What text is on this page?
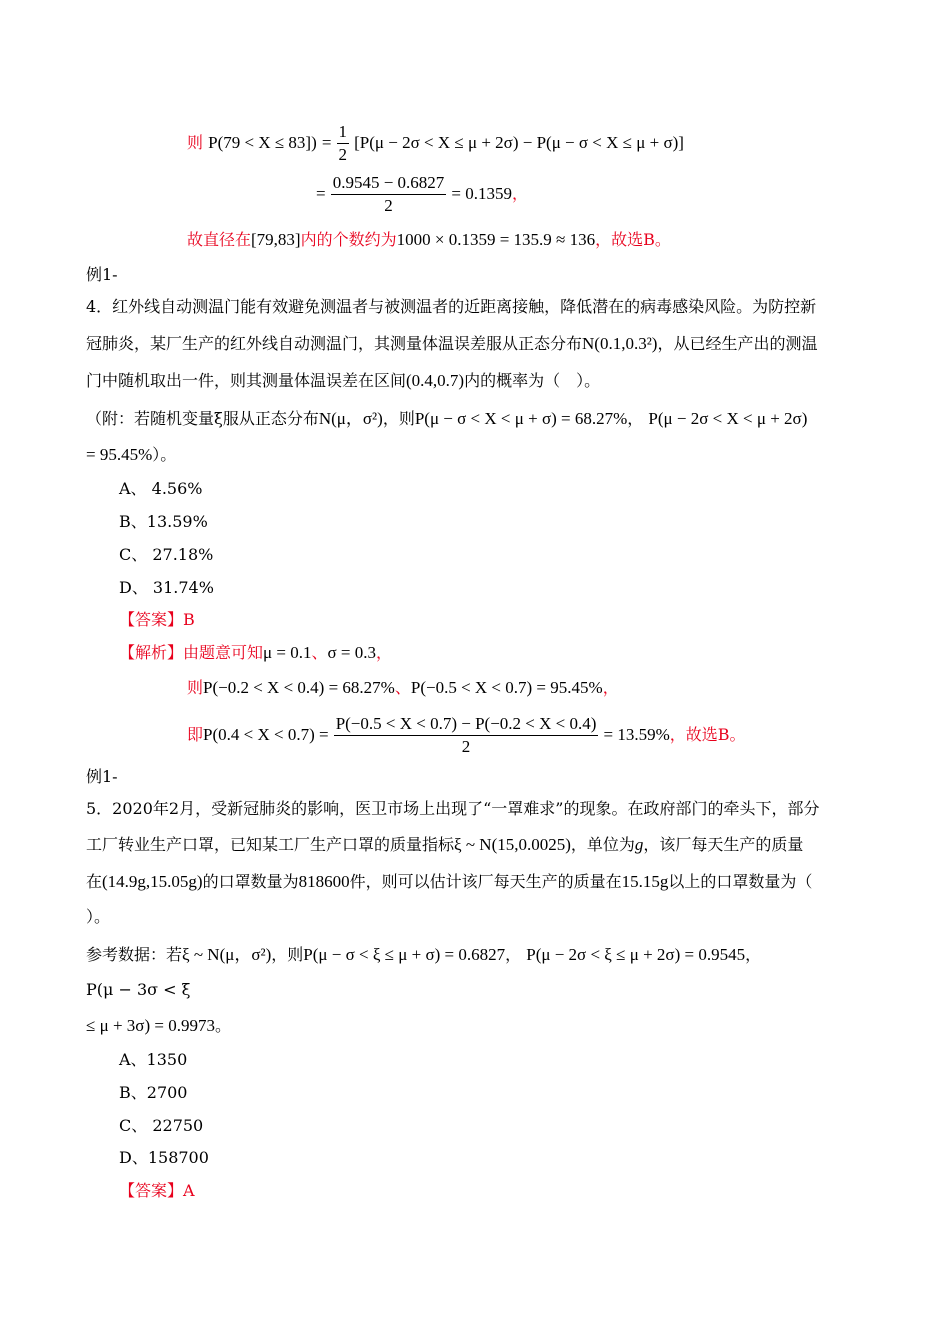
则 $P(79 < X \le 83]) = \frac{1}{2} [P(\mu - 2\sigma < X \le \mu + 2\sigma) - P(\mu - \sigma < X \le \mu + \sigma)]$
= $\frac{0.9545 - 0.6827}{2} = 0.1359$，
故直径在[79,83]内的个数约为1000 × 0.1359 = 135.9 ≈ 136，故选B。
例1-
4．红外线自动测温门能有效避免测温者与被测温者的近距离接触，降低潜在的病毒感染风险。为防控新
冠肺炎，某厂生产的红外线自动测温门，其测量体温误差服从正态分布N(0.1,0.3²)，从已经生产出的测温
门中随机取出一件，则其测量体温误差在区间(0.4,0.7)内的概率为（　）。
（附：若随机变量ξ服从正态分布N(μ，σ²)，则P(μ − σ < X < μ + σ) = 68.27%， P(μ − 2σ < X < μ + 2σ)
= 95.45%）。
A、 4.56%
B、13.59%
C、 27.18%
D、 31.74%
【答案】B
【解析】由题意可知μ = 0.1、σ = 0.3，
则P(−0.2 < X < 0.4) = 68.27%、P(−0.5 < X < 0.7) = 95.45%，
即$P(0.4 < X < 0.7) = \frac{P(-0.5 < X < 0.7) - P(-0.2 < X < 0.4)}{2} = 13.59\%$，故选B。
例1-
5．2020年2月，受新冠肺炎的影响，医卫市场上出现了“一罩难求”的现象。在政府部门的牵头下，部分
工厂转业生产口罩，已知某工厂生产口罩的质量指标ξ ~ N(15,0.0025)，单位为g，该厂每天生产的质量
在(14.9g,15.05g)的口罩数量为818600件，则可以估计该厂每天生产的质量在15.15g以上的口罩数量为（
）。
参考数据：若ξ ~ N(μ，σ²)，则P(μ − σ < ξ ≤ μ + σ) = 0.6827， P(μ − 2σ < ξ ≤ μ + 2σ) = 0.9545，
P(μ − 3σ < ξ
≤ μ + 3σ) = 0.9973。
A、1350
B、2700
C、 22750
D、158700
【答案】A
